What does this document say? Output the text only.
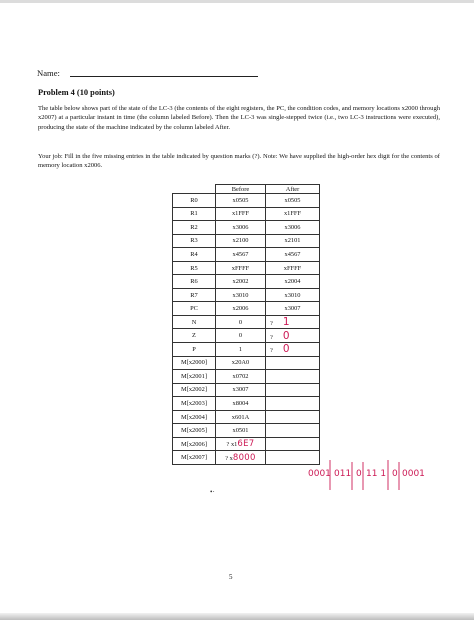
Name:
Problem 4 (10 points)
The table below shows part of the state of the LC-3 (the contents of the eight registers, the PC, the condition codes, and memory locations x2000 through x2007) at a particular instant in time (the column labeled Before). Then the LC-3 was single-stepped twice (i.e., two LC-3 instructions were executed), producing the state of the machine indicated by the column labeled After.
Your job: Fill in the five missing entries in the table indicated by question marks (?). Note: We have supplied the high-order hex digit for the contents of memory location x2006.
	Before	After
R0	x0505	x0505
R1	x1FFF	x1FFF
R2	x3006	x3006
R3	x2100	x2101
R4	x4567	x4567
R5	xFFFF	xFFFF
R6	x2002	x2004
R7	x3010	x3010
PC	x2006	x3007
N	0	? 1
Z	0	? 0
P	1	? 0
M[x2000]	x20A0	
M[x2001]	x0702	
M[x2002]	x3007	
M[x2003]	x8004	
M[x2004]	x601A	
M[x2005]	x0501	
M[x2006]	? x16E7	
M[x2007]	? x8000	
0001 011 0 11 1 0 0001
•·
5
